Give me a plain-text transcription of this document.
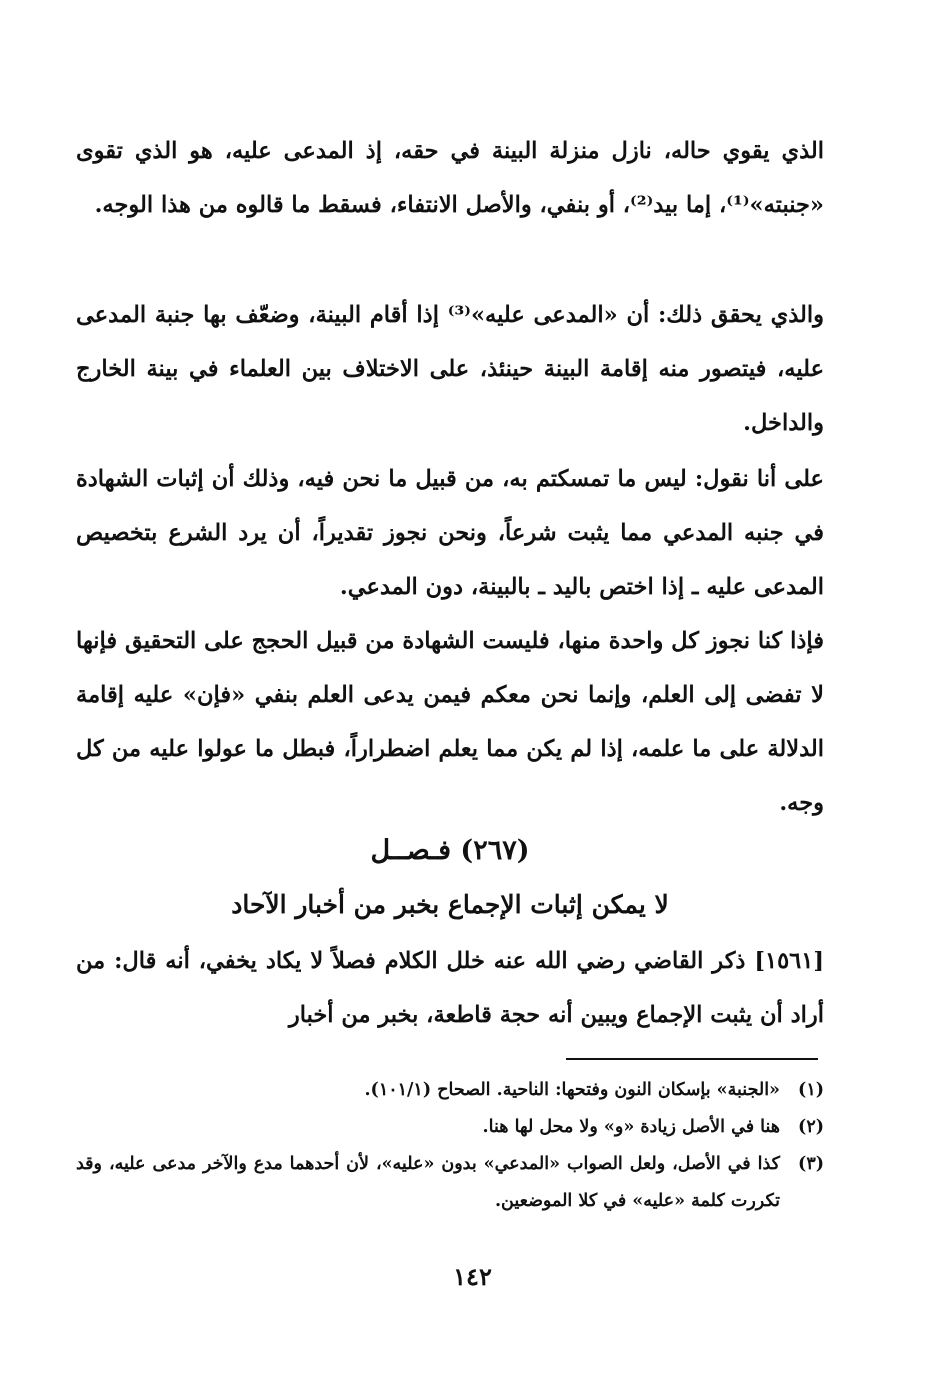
الذي يقوي حاله، نازل منزلة البينة في حقه، إذ المدعى عليه، هو الذي تقوى «جنبته»⁽¹⁾، إما بيد⁽²⁾، أو بنفي، والأصل الانتفاء، فسقط ما قالوه من هذا الوجه.

والذي يحقق ذلك: أن «المدعى عليه»⁽³⁾ إذا أقام البينة، وضعّف بها جنبة المدعى عليه، فيتصور منه إقامة البينة حينئذ، على الاختلاف بين العلماء في بينة الخارج والداخل.

على أنا نقول: ليس ما تمسكتم به، من قبيل ما نحن فيه، وذلك أن إثبات الشهادة في جنبه المدعي مما يثبت شرعاً، ونحن نجوز تقديراً، أن يرد الشرع بتخصيص المدعى عليه ـ إذا اختص باليد ـ بالبينة، دون المدعي.

فإذا كنا نجوز كل واحدة منها، فليست الشهادة من قبيل الحجج على التحقيق فإنها لا تفضى إلى العلم، وإنما نحن معكم فيمن يدعى العلم بنفي «فإن» عليه إقامة الدلالة على ما علمه، إذا لم يكن مما يعلم اضطراراً، فبطل ما عولوا عليه من كل وجه.

(٢٦٧) فـصــل
لا يمكن إثبات الإجماع بخبر من أخبار الآحاد

[١٥٦١] ذكر القاضي رضي الله عنه خلل الكلام فصلاً لا يكاد يخفي، أنه قال: من أراد أن يثبت الإجماع ويبين أنه حجة قاطعة، بخبر من أخبار

(١)
«الجنبة» بإسكان النون وفتحها: الناحية. الصحاح (١٠١/١).
(٢)
هنا في الأصل زيادة «و» ولا محل لها هنا.
(٣)
كذا في الأصل، ولعل الصواب «المدعي» بدون «عليه»، لأن أحدهما مدع والآخر مدعى عليه، وقد تكررت كلمة «عليه» في كلا الموضعين.
١٤٢
